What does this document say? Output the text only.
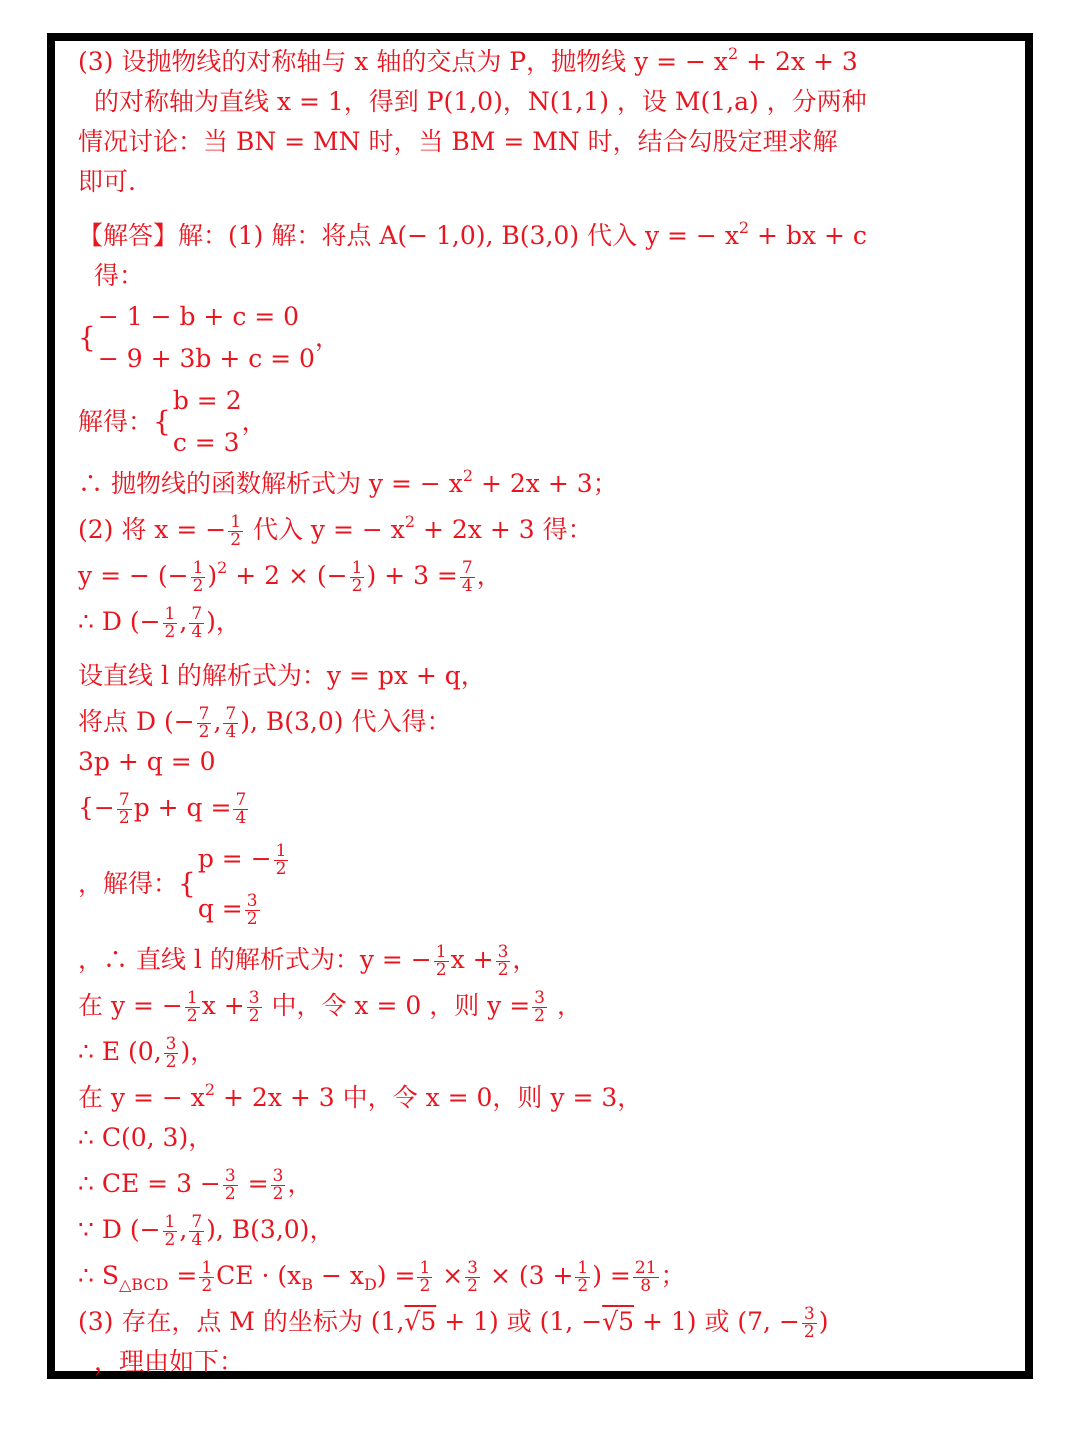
(3) 设抛物线的对称轴与 x 轴的交点为 P，抛物线 y = − $x^2 + 2x + 3$
的对称轴为直线 x = 1，得到 P(1,0)，N(1,1) ，设 M(1,a) ，分两种
情况讨论：当 BN = MN 时，当 BM = MN 时，结合勾股定理求解
即可.
【解答】解：(1) 解：将点 A(− 1,0), B(3,0) 代入 y = − $x^2$ + bx + c
得：
{
− 1 − b + c = 0
− 9 + 3b + c = 0
，
解得： {
b = 2
c = 3
，
∴ 抛物线的函数解析式为 y = − $x^2 + 2x + 3$；
(2) 将 x = − $\frac{1}{2}$ 代入 y = − $x^2 + 2x + 3$ 得：
y = − (− $\frac{1}{2} )^2 + 2$ × (− $\frac{1}{2}$ ) + $3 = \frac{7}{4}$ ，
∴ D (− $\frac{1}{2}$ , $\frac{7}{4}$ )，
设直线 l 的解析式为：y = px + q，
将点 D (− $\frac{7}{2}$ , $\frac{7}{4}$ ), B(3,0) 代入得：
3p + q = 0
{− $\frac{7}{2}$ $p + q = \frac{7}{4}$
，解得： {
p = − $\frac{1}{2}$
$q = \frac{3}{2}$
，∴ 直线 l 的解析式为：y = − $\frac{1}{2}$ $x + \frac{3}{2}$ ，
在 y = − $\frac{1}{2}$ $x + \frac{3}{2}$ 中，令 x = 0 ，则 $y = \frac{3}{2}$ ，
∴ E (0, $\frac{3}{2}$ )，
在 y = − $x^2 + 2x + 3$ 中，令 x = 0，则 y = 3，
∴ C(0, 3)，
∴ CE = $3 - \frac{3}{2} = \frac{3}{2}$ ，
∵ D (− $\frac{1}{2}$ , $\frac{7}{4}$ ), B(3,0)，
∴ $S_{\triangle BCD} = \frac{1}{2}$ CE · $(x_B - x_D) = \frac{1}{2} \times \frac{3}{2} \times (3 + \frac{1}{2}$ ) = $\frac{21}{8}$ ；
(3) 存在，点 M 的坐标为 (1, √ 5 + 1) 或 (1, − √ 5 + 1) 或 (7, − $\frac{3}{2}$ )
，理由如下：
